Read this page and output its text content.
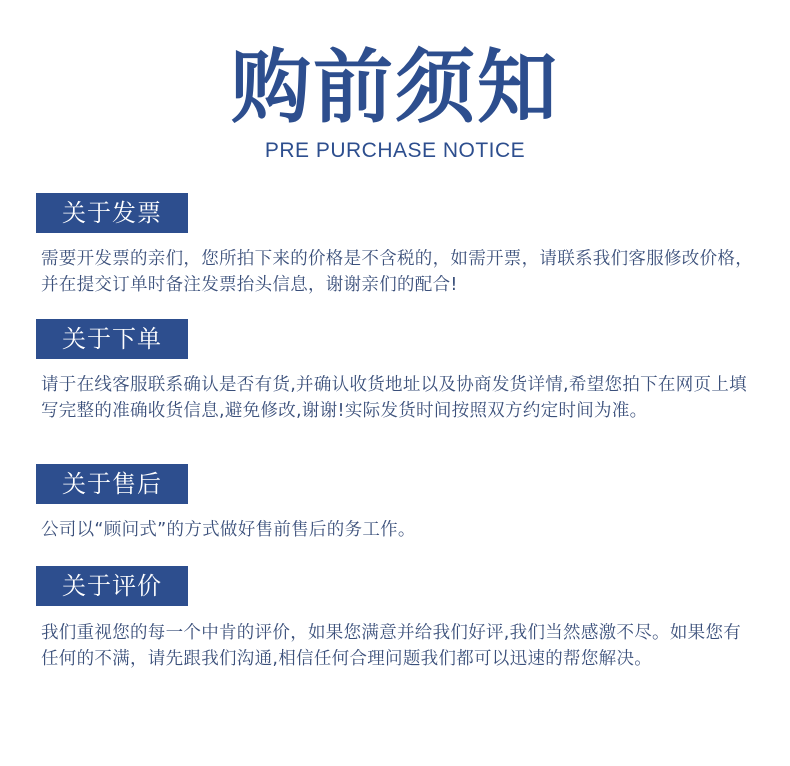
购前须知
PRE PURCHASE NOTICE
关于发票
需要开发票的亲们，您所拍下来的价格是不含税的，如需开票，请联系我们客服修改价格，并在提交订单时备注发票抬头信息，谢谢亲们的配合!
关于下单
请于在线客服联系确认是否有货,并确认收货地址以及协商发货详情,希望您拍下在网页上填写完整的准确收货信息,避免修改,谢谢!实际发货时间按照双方约定时间为准。
关于售后
公司以“顾问式”的方式做好售前售后的务工作。
关于评价
我们重视您的每一个中肯的评价，如果您满意并给我们好评,我们当然感激不尽。如果您有任何的不满，请先跟我们沟通,相信任何合理问题我们都可以迅速的帮您解决。
